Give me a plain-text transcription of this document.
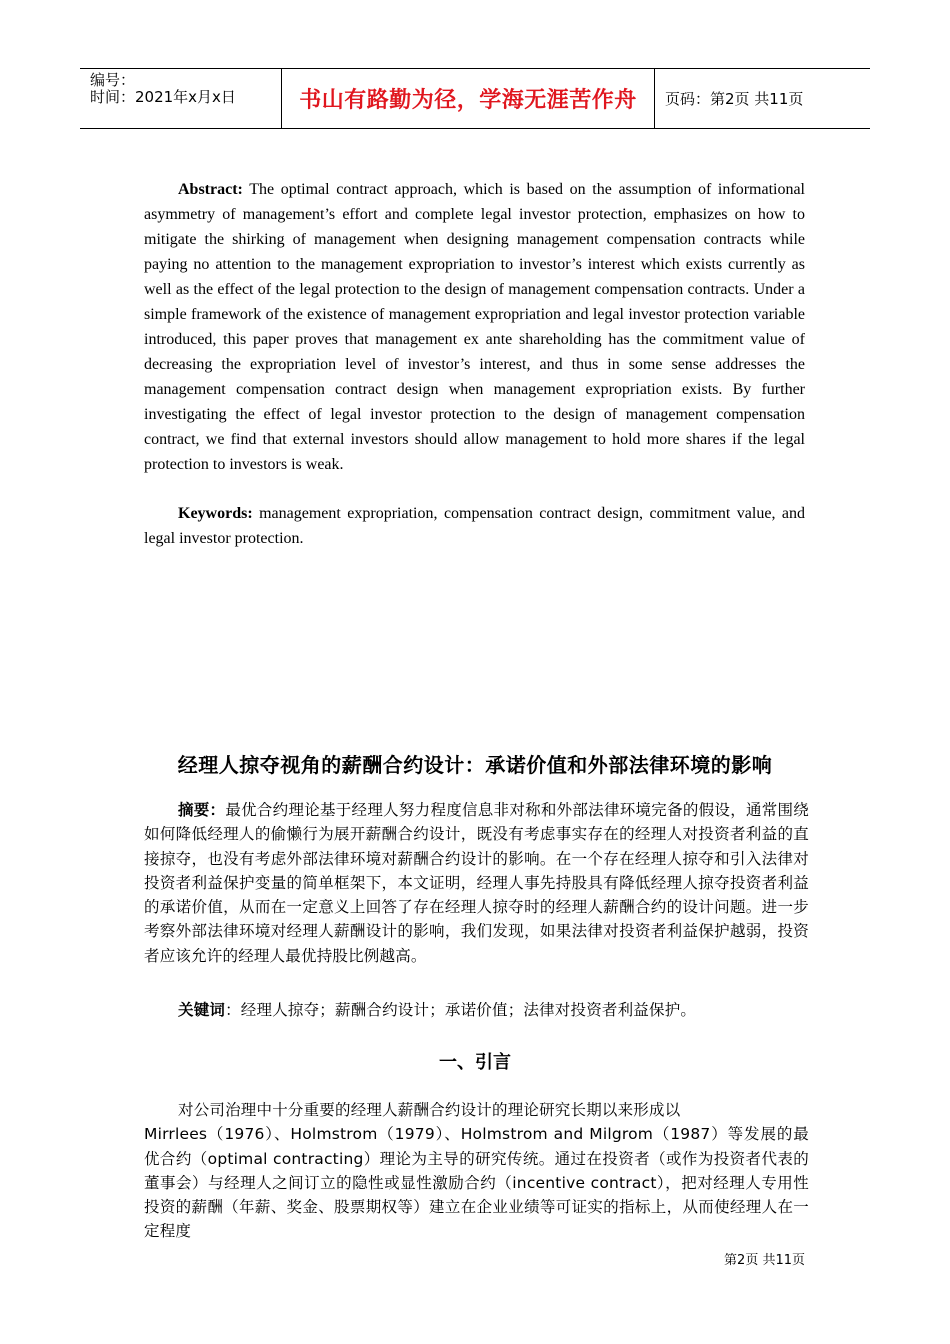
编号：
时间：2021年x月x日	书山有路勤为径，学海无涯苦作舟	页码：第2页 共11页
Abstract: The optimal contract approach, which is based on the assumption of informational asymmetry of management’s effort and complete legal investor protection, emphasizes on how to mitigate the shirking of management when designing management compensation contracts while paying no attention to the management expropriation to investor’s interest which exists currently as well as the effect of the legal protection to the design of management compensation contracts. Under a simple framework of the existence of management expropriation and legal investor protection variable introduced, this paper proves that management ex ante shareholding has the commitment value of decreasing the expropriation level of investor’s interest, and thus in some sense addresses the management compensation contract design when management expropriation exists. By further investigating the effect of legal investor protection to the design of management compensation contract, we find that external investors should allow management to hold more shares if the legal protection to investors is weak.
Keywords: management expropriation, compensation contract design, commitment value, and legal investor protection.
经理人掠夺视角的薪酬合约设计：承诺价值和外部法律环境的影响
摘要：最优合约理论基于经理人努力程度信息非对称和外部法律环境完备的假设，通常围绕如何降低经理人的偷懒行为展开薪酬合约设计，既没有考虑事实存在的经理人对投资者利益的直接掠夺，也没有考虑外部法律环境对薪酬合约设计的影响。在一个存在经理人掠夺和引入法律对投资者利益保护变量的简单框架下，本文证明，经理人事先持股具有降低经理人掠夺投资者利益的承诺价值，从而在一定意义上回答了存在经理人掠夺时的经理人薪酬合约的设计问题。进一步考察外部法律环境对经理人薪酬设计的影响，我们发现，如果法律对投资者利益保护越弱，投资者应该允许的经理人最优持股比例越高。
关键词：经理人掠夺；薪酬合约设计；承诺价值；法律对投资者利益保护。
一、引言
对公司治理中十分重要的经理人薪酬合约设计的理论研究长期以来形成以
Mirrlees（1976）、Holmstrom（1979）、Holmstrom and Milgrom（1987）等发展的最优合约（optimal contracting）理论为主导的研究传统。通过在投资者（或作为投资者代表的董事会）与经理人之间订立的隐性或显性激励合约（incentive contract），把对经理人专用性投资的薪酬（年薪、奖金、股票期权等）建立在企业业绩等可证实的指标上，从而使经理人在一定程度
第2页 共11页
